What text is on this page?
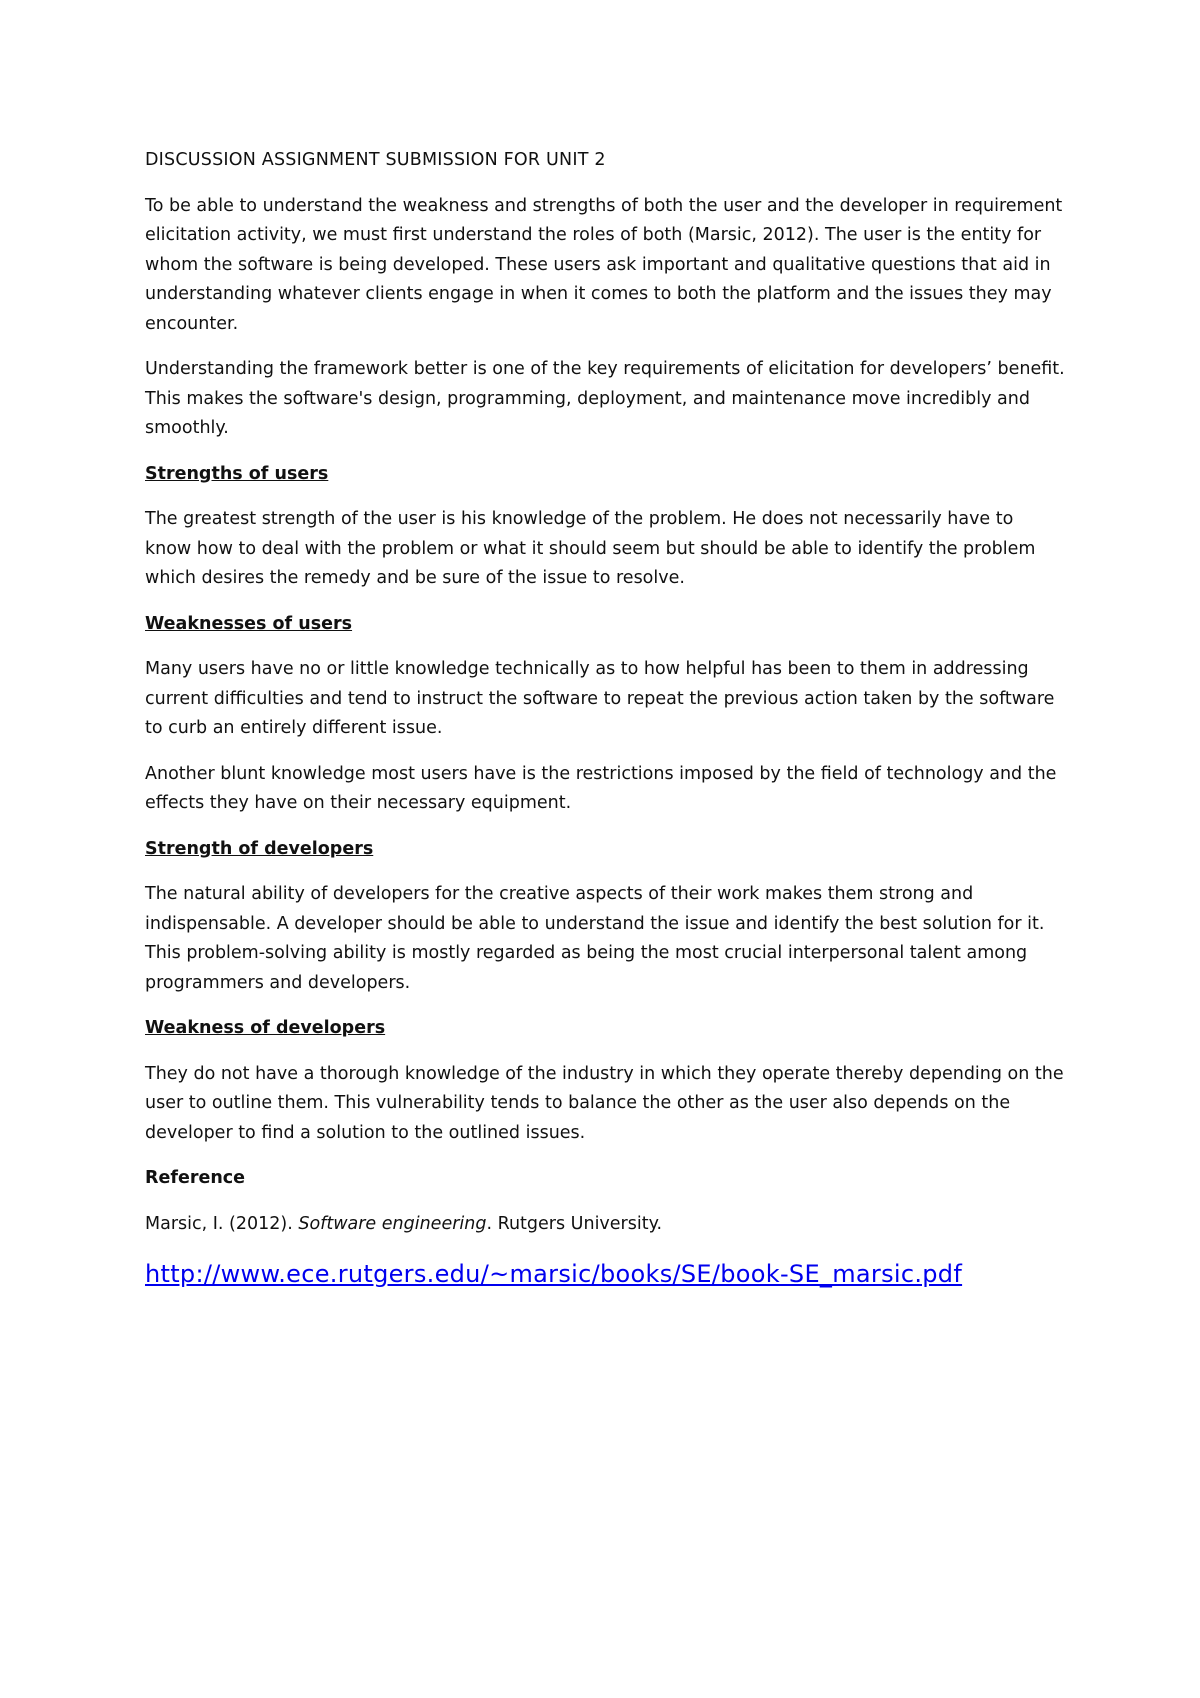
DISCUSSION ASSIGNMENT SUBMISSION FOR UNIT 2

To be able to understand the weakness and strengths of both the user and the developer in requirement elicitation activity, we must first understand the roles of both (Marsic, 2012). The user is the entity for whom the software is being developed. These users ask important and qualitative questions that aid in understanding whatever clients engage in when it comes to both the platform and the issues they may encounter.

Understanding the framework better is one of the key requirements of elicitation for developers’ benefit. This makes the software's design, programming, deployment, and maintenance move incredibly and smoothly.

Strengths of users

The greatest strength of the user is his knowledge of the problem. He does not necessarily have to know how to deal with the problem or what it should seem but should be able to identify the problem which desires the remedy and be sure of the issue to resolve.

Weaknesses of users

Many users have no or little knowledge technically as to how helpful has been to them in addressing current difficulties and tend to instruct the software to repeat the previous action taken by the software to curb an entirely different issue.

Another blunt knowledge most users have is the restrictions imposed by the field of technology and the effects they have on their necessary equipment.

Strength of developers

The natural ability of developers for the creative aspects of their work makes them strong and indispensable. A developer should be able to understand the issue and identify the best solution for it. This problem-solving ability is mostly regarded as being the most crucial interpersonal talent among programmers and developers.

Weakness of developers

They do not have a thorough knowledge of the industry in which they operate thereby depending on the user to outline them. This vulnerability tends to balance the other as the user also depends on the developer to find a solution to the outlined issues.

Reference

Marsic, I. (2012). Software engineering. Rutgers University.

http://www.ece.rutgers.edu/~marsic/books/SE/book-SE_marsic.pdf
